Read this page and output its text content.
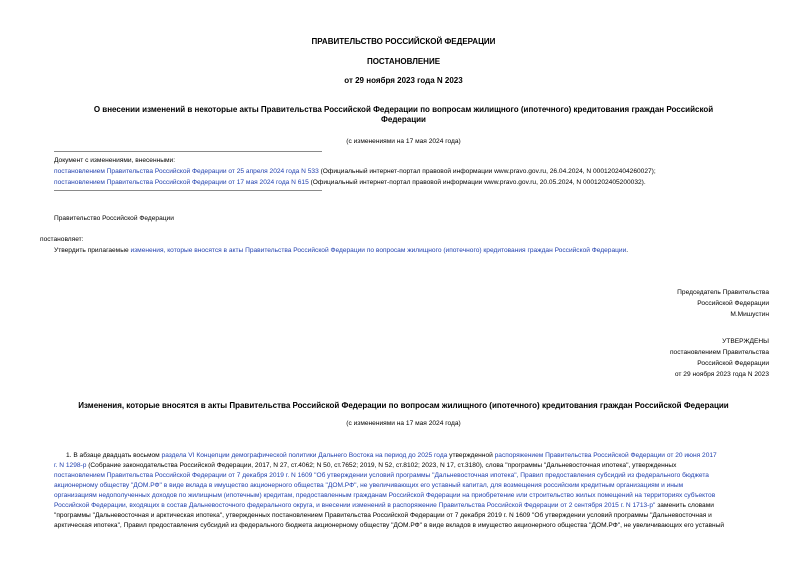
ПРАВИТЕЛЬСТВО РОССИЙСКОЙ ФЕДЕРАЦИИ
ПОСТАНОВЛЕНИЕ
от 29 ноября 2023 года N 2023
О внесении изменений в некоторые акты Правительства Российской Федерации по вопросам жилищного (ипотечного) кредитования граждан Российской
Федерации
(с изменениями на 17 мая 2024 года)
Документ с изменениями, внесенными:
постановлением Правительства Российской Федерации от 25 апреля 2024 года N 533 (Официальный интернет-портал правовой информации www.pravo.gov.ru, 26.04.2024, N 0001202404260027);
постановлением Правительства Российской Федерации от 17 мая 2024 года N 615 (Официальный интернет-портал правовой информации www.pravo.gov.ru, 20.05.2024, N 0001202405200032).
Правительство Российской Федерации
постановляет:
Утвердить прилагаемые изменения, которые вносятся в акты Правительства Российской Федерации по вопросам жилищного (ипотечного) кредитования граждан Российской Федерации.
Председатель Правительства
Российской Федерации
М.Мишустин
УТВЕРЖДЕНЫ
постановлением Правительства
Российской Федерации
от 29 ноября 2023 года N 2023
Изменения, которые вносятся в акты Правительства Российской Федерации по вопросам жилищного (ипотечного) кредитования граждан Российской Федерации
(с изменениями на 17 мая 2024 года)
1. В абзаце двадцать восьмом раздела VI Концепции демографической политики Дальнего Востока на период до 2025 года утвержденной распоряжением Правительства Российской Федерации от 20 июня 2017
г. N 1298-р (Собрание законодательства Российской Федерации, 2017, N 27, ст.4062; N 50, ст.7652; 2019, N 52, ст.8102; 2023, N 17, ст.3180), слова "программы "Дальневосточная ипотека", утвержденных
постановлением Правительства Российской Федерации от 7 декабря 2019 г. N 1609 "Об утверждении условий программы "Дальневосточная ипотека", Правил предоставления субсидий из федерального бюджета
акционерному обществу "ДОМ.РФ" в виде вклада в имущество акционерного общества "ДОМ.РФ", не увеличивающих его уставный капитал, для возмещения российским кредитным организациям и иным
организациям недополученных доходов по жилищным (ипотечным) кредитам, предоставленным гражданам Российской Федерации на приобретение или строительство жилых помещений на территориях субъектов
Российской Федерации, входящих в состав Дальневосточного федерального округа, и внесении изменений в распоряжение Правительства Российской Федерации от 2 сентября 2015 г. N 1713-р" заменить словами
"программы "Дальневосточная и арктическая ипотека", утвержденных постановлением Правительства Российской Федерации от 7 декабря 2019 г. N 1609 "Об утверждении условий программы "Дальневосточная и
арктическая ипотека", Правил предоставления субсидий из федерального бюджета акционерному обществу "ДОМ.РФ" в виде вкладов в имущество акционерного общества "ДОМ.РФ", не увеличивающих его уставный
